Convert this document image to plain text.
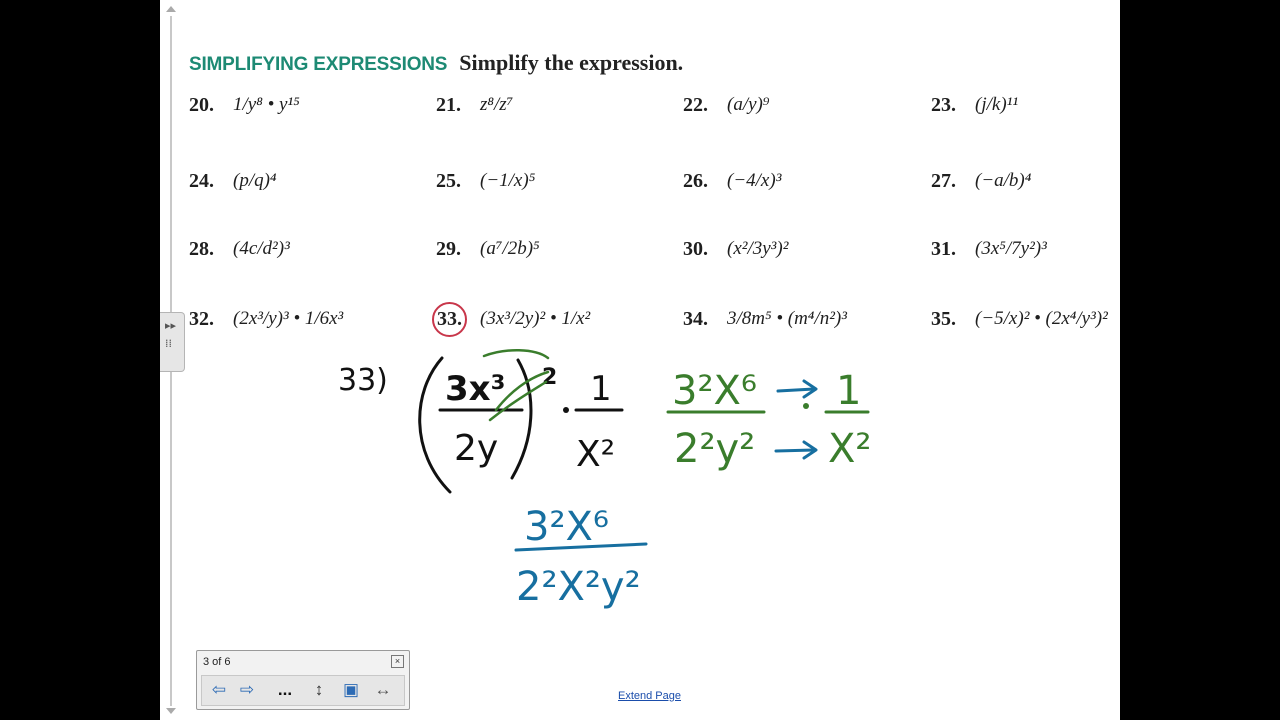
▸▸
⁞⁞
SIMPLIFYING EXPRESSIONS Simplify the expression.
20. 1/y⁸ • y¹⁵	21. z⁸/z⁷	22. (a/y)⁹	23. (j/k)¹¹
24. (p/q)⁴	25. (−1/x)⁵	26. (−4/x)³	27. (−a/b)⁴
28. (4c/d²)³	29. (a⁷/2b)⁵	30. (x²/3y³)²	31. (3x⁵/7y²)³
32. (2x³/y)³ • 1/6x³	33. (3x³/2y)² • 1/x²	34. 3/8m⁵ • (m⁴/n²)³	35. (−5/x)² • (2x⁴/y³)²
33) 3x³
2y
2 1
X²
3²X⁶
2²y²
1
X²
3²X⁶
2²X²y²
3 of 6	×
⇦ ⇨	...	↕	▣ ↔	Extend Page
